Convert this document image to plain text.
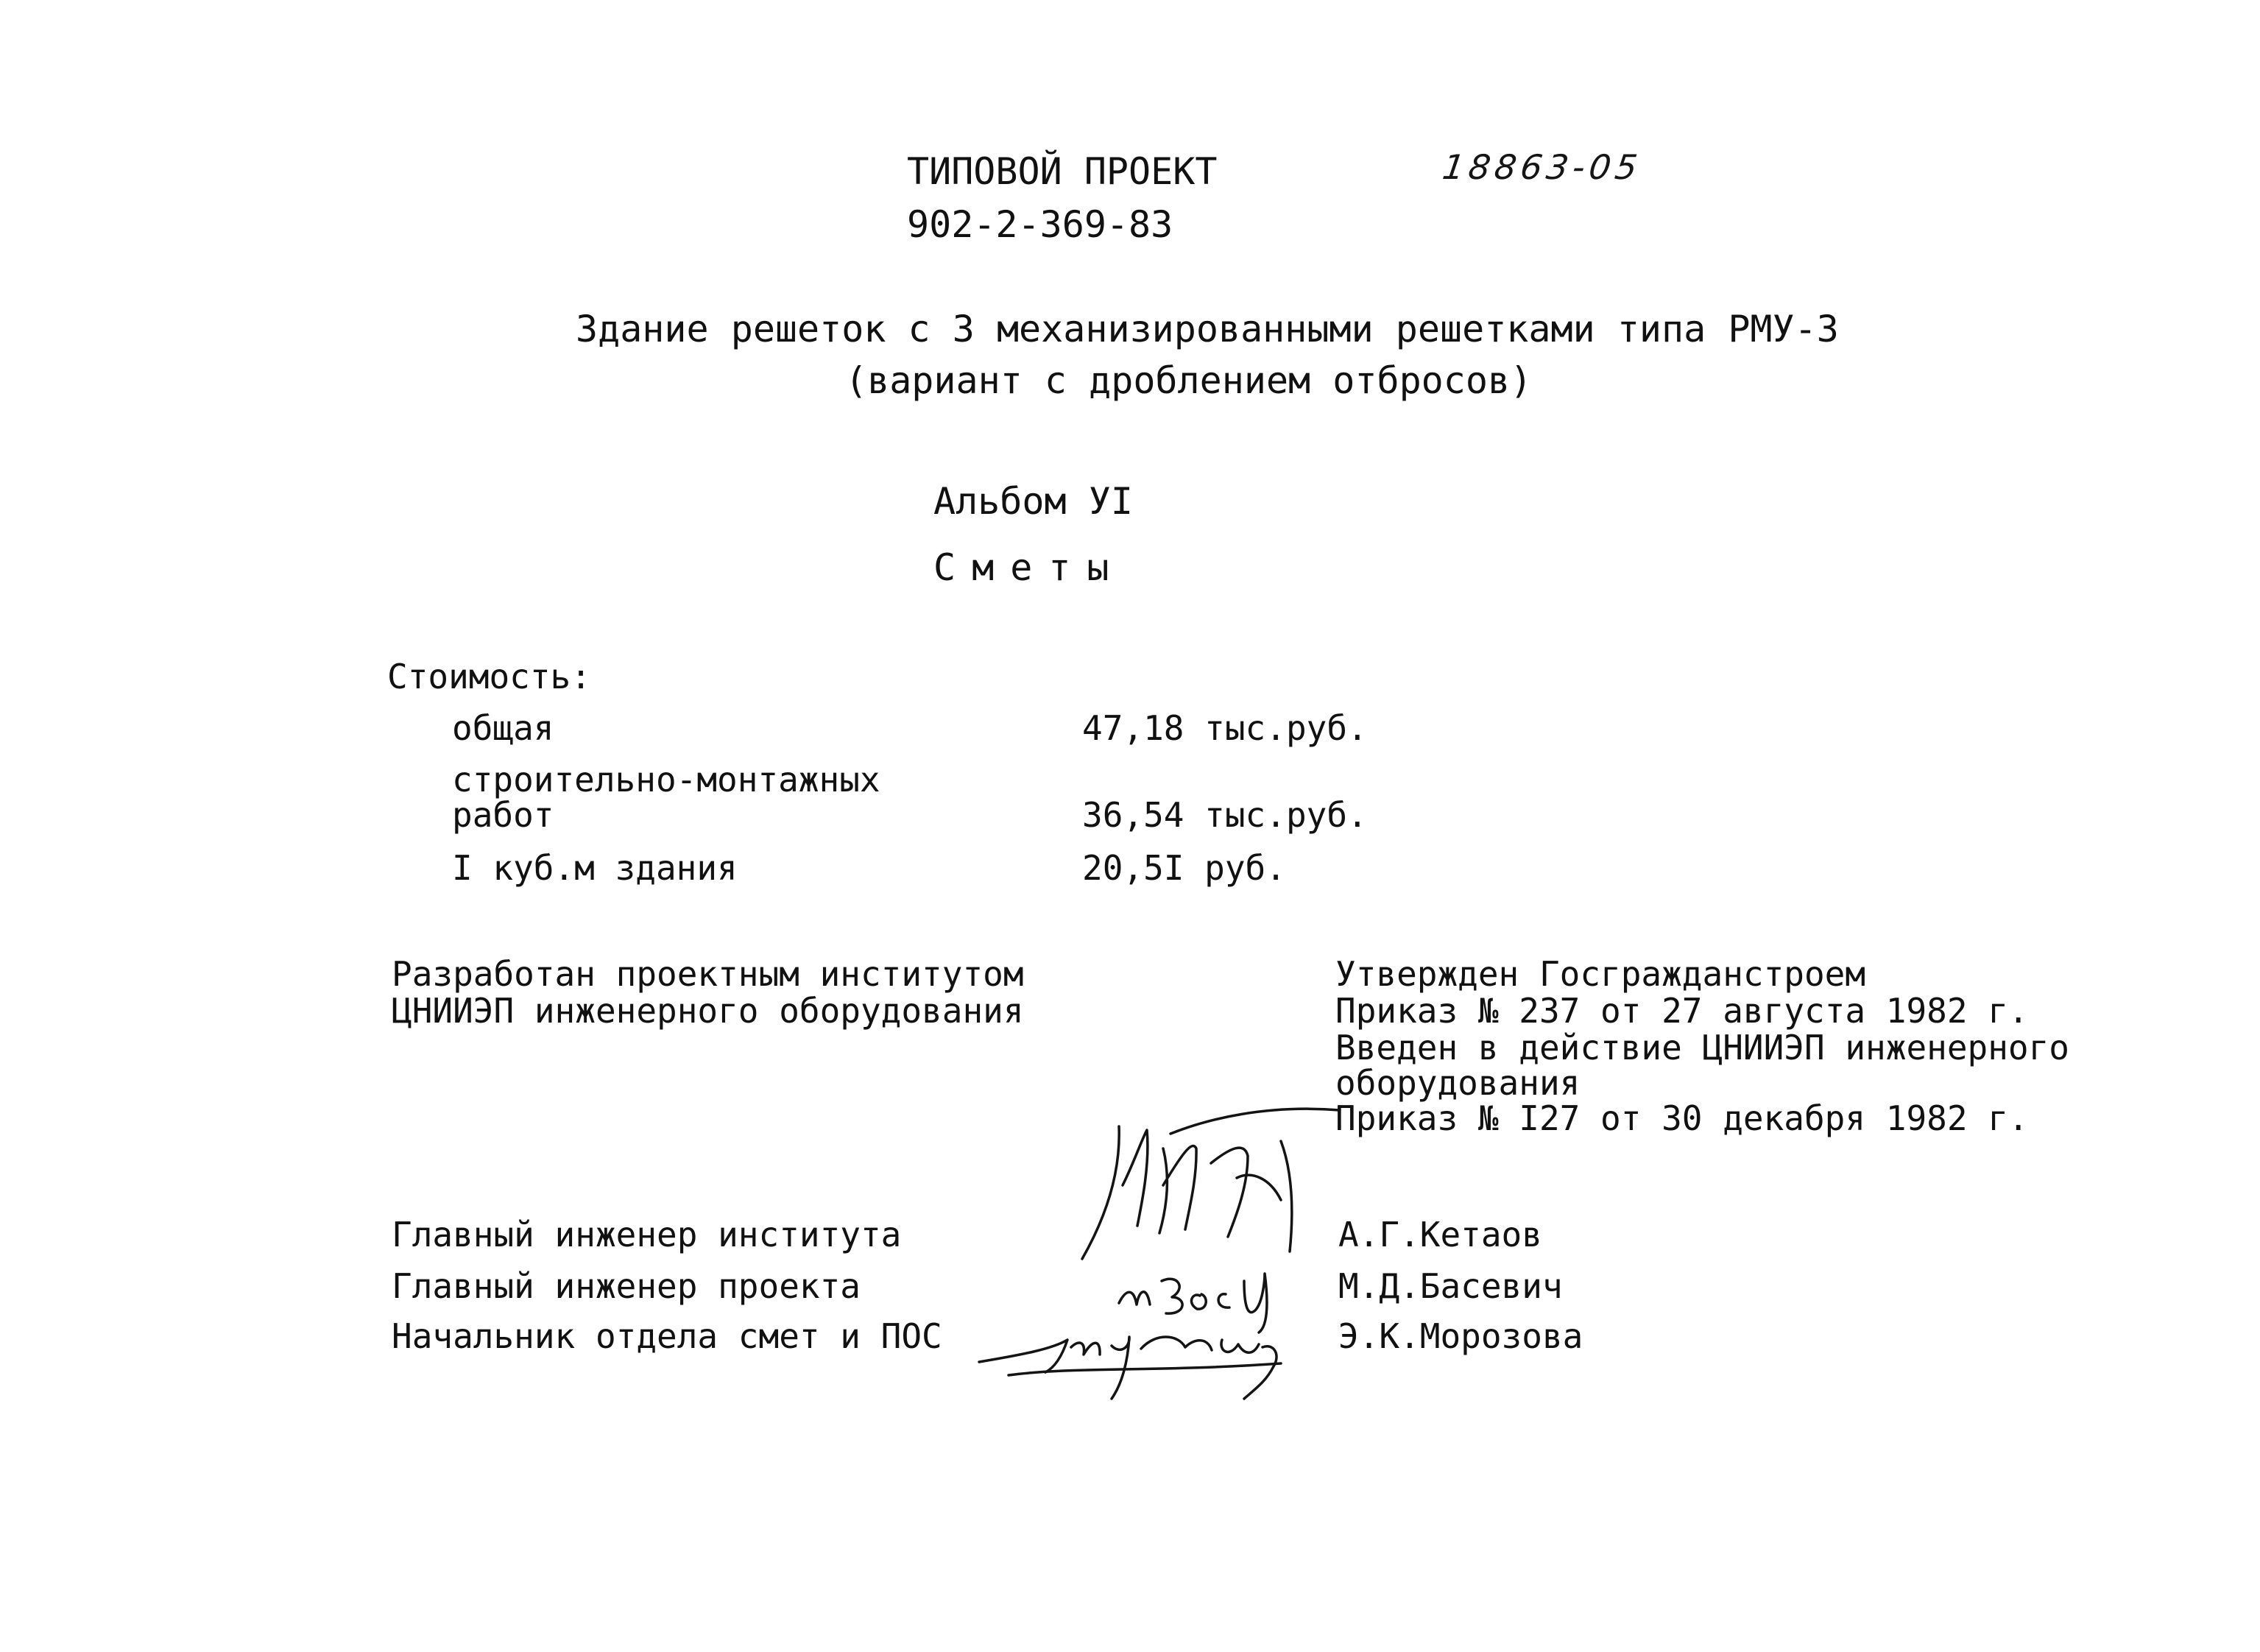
ТИПОВОЙ ПРОЕКТ	18863-05
902-2-369-83
Здание решеток с 3 механизированными решетками типа РМУ-3
(вариант с дроблением отбросов)
Альбом УI
Сметы
Стоимость:
общая	47,18 тыс.руб.
строительно-монтажных
работ	36,54 тыс.руб.
I куб.м здания	20,5I руб.
Разработан проектным институтом
ЦНИИЭП инженерного оборудования
Утвержден Госгражданстроем
Приказ № 237 от 27 августа 1982 г.
Введен в действие ЦНИИЭП инженерного
оборудования
Приказ № I27 от 30 декабря 1982 г.
Главный инженер института	А.Г.Кетаов
Главный инженер проекта	М.Д.Басевич
Начальник отдела смет и ПОС	Э.К.Морозова
